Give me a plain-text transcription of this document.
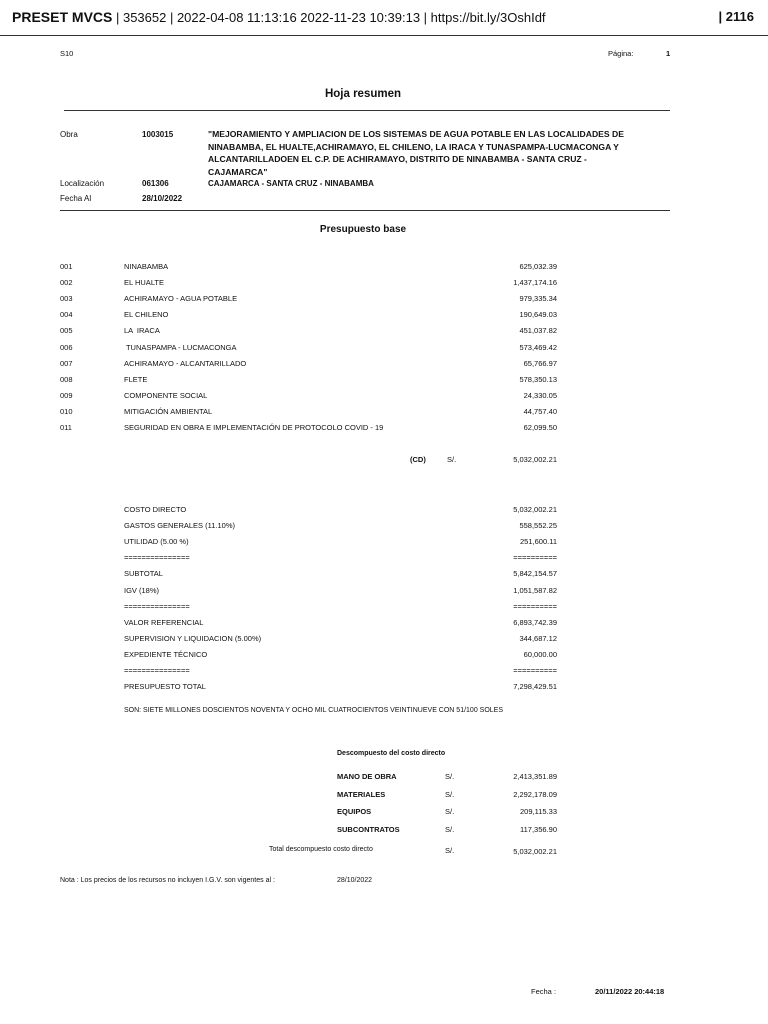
PRESET MVCS | 353652 | 2022-04-08 11:13:16 2022-11-23 10:39:13 | https://bit.ly/3OshIdf	| 2116
S10	Página:	1
Hoja resumen
Obra	1003015	"MEJORAMIENTO Y AMPLIACION DE LOS SISTEMAS DE AGUA POTABLE EN LAS LOCALIDADES DE NINABAMBA, EL HUALTE,ACHIRAMAYO, EL CHILENO, LA IRACA Y TUNASPAMPA-LUCMACONGA Y ALCANTARILLADOEN EL C.P. DE ACHIRAMAYO, DISTRITO DE NINABAMBA - SANTA CRUZ - CAJAMARCA"
Localización	061306	CAJAMARCA - SANTA CRUZ - NINABAMBA
Fecha Al	28/10/2022
Presupuesto base
001	NINABAMBA	625,032.39
002	EL HUALTE	1,437,174.16
003	ACHIRAMAYO - AGUA POTABLE	979,335.34
004	EL CHILENO	190,649.03
005	LA  IRACA	451,037.82
006	TUNASPAMPA - LUCMACONGA	573,469.42
007	ACHIRAMAYO - ALCANTARILLADO	65,766.97
008	FLETE	578,350.13
009	COMPONENTE SOCIAL	24,330.05
010	MITIGACIÓN AMBIENTAL	44,757.40
011	SEGURIDAD EN OBRA E IMPLEMENTACIÓN DE PROTOCOLO COVID - 19	62,099.50
(CD)	S/.	5,032,002.21
COSTO DIRECTO	5,032,002.21
GASTOS GENERALES (11.10%)	558,552.25
UTILIDAD (5.00 %)	251,600.11
===============	==========
SUBTOTAL	5,842,154.57
IGV (18%)	1,051,587.82
===============	==========
VALOR REFERENCIAL	6,893,742.39
SUPERVISION Y LIQUIDACION (5.00%)	344,687.12
EXPEDIENTE TÉCNICO	60,000.00
===============	==========
PRESUPUESTO TOTAL	7,298,429.51
SON: SIETE MILLONES DOSCIENTOS NOVENTA Y OCHO MIL CUATROCIENTOS VEINTINUEVE CON 51/100 SOLES
Descompuesto del costo directo
MANO DE OBRA	S/.	2,413,351.89
MATERIALES	S/.	2,292,178.09
EQUIPOS	S/.	209,115.33
SUBCONTRATOS	S/.	117,356.90
Total descompuesto costo directo	S/.	5,032,002.21
Nota : Los precios de los recursos no incluyen I.G.V. son vigentes al :	28/10/2022
Fecha :	20/11/2022 20:44:18
